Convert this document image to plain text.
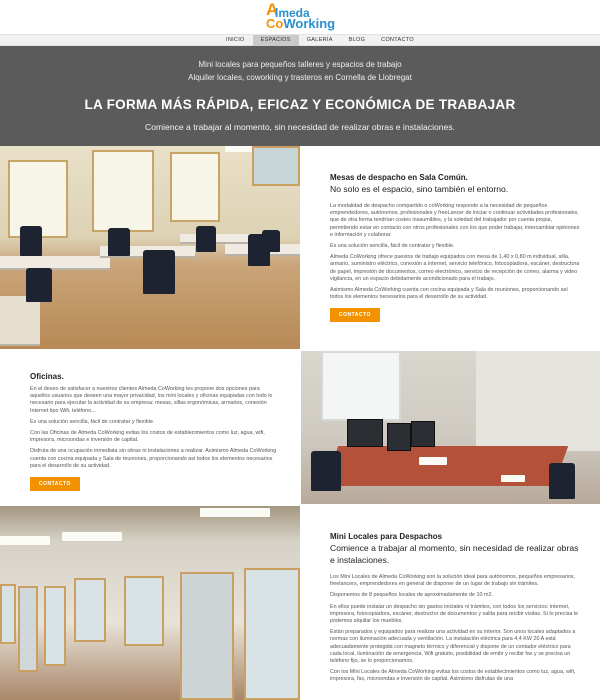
A
lmeda
CoWorking
INICIO	ESPACIOS	GALERÍA	BLOG	CONTACTO
Mini locales para pequeños talleres y espacios de trabajo
Alquiler locales, coworking y trasteros en Cornella de Llobregat
LA FORMA MÁS RÁPIDA, EFICAZ Y ECONÓMICA DE TRABAJAR
Comience a trabajar al momento, sin necesidad de realizar obras e instalaciones.
Mesas de despacho en Sala Común.
No solo es el espacio, sino también el entorno.

La modalidad de despacho compartido o coWorking responde a la necesidad de pequeños emprendedores, autónomos, profesionales y freeLancer de iniciar o continuar actividades profesionales, que de otra forma tendrían costes inasumibles, y la soledad del trabajador por cuenta propia, permitiendo estar en contacto con otros profesionales con los que poder trabajar, intercambiar opiniones e información y colaborar.

Es una solución sencilla, fácil de contratar y flexible.

Almeda CoWorking ofrece puestos de trabajo equipados con mesa de 1,40 x 0,80 m individual, silla, armario, suministro eléctrico, conexión a internet, servicio telefónico, fotocopiadora, escáner, destructora de papel, impresión de documentos, correo electrónico, servicio de recepción de correo, alarma y video vigilancia, en un espacio debidamente acondicionado para el trabajo.

Asimismo Almeda CoWorking cuenta con cocina equipada y Sala de reuniones, proporcionando así todos los elementos necesarios para el desarrollo de su actividad.

CONTACTO
Oficinas.

En el deseo de satisfacer a nuestros clientes Almeda CoWorking les propone dos opciones para aquellos usuarios que deseen una mayor privacidad, los mini locales y oficinas equipadas con todo lo necesario para ejecutar la actividad de su empresa: mesas, sillas ergonómicas, armarios, conexión Internet tipo Wifi, teléfono...

Es una solución sencilla, fácil de contratar y flexible.

Con las Oficinas de Almeda CoWorking evitas los costos de establecimientos como luz, agua, wifi, impresora, microondas e inversión de capital.

Disfruta de una ocupación inmediata sin obras ni instalaciones a realizar. Asimismo Almeda CoWorking cuenta con cocina equipada y Sala de reuniones, proporcionando así todos los elementos necesarios para el desarrollo de su actividad.

CONTACTO
Mini Locales para Despachos
Comience a trabajar al momento, sin necesidad de realizar obras e instalaciones.

Los Mini Locales de Almeda CoWorking son la solución ideal para autónomos, pequeños empresarios, freelancers, emprendedores en general de disponer de un lugar de trabajo sin trámites.

Disponemos de 8 pequeños locales de aproximadamente de 10 m2.

En ellos puede instalar un despacho sin gastos iniciales ni trámites, con todos los servicios: internet, impresora, fotocopiadora, escáner, destructor de documentos y salita para recibir visitas. Si lo precisa le podemos alquilar los muebles.

Están preparados y equipados para realizar una actividad en su interior. Son unos locales adaptados a normas con iluminación adecuada y ventilación. La instalación eléctrica para 4,4 KW 20 A está adecuadamente protegida con magneto térmico y diferencial y dispone de un contador eléctrico para cada local, iluminación de emergencia, Wifi gratuito, posibilidad de emitir y recibir fax y se precisa un teléfono fijo, se lo proporcionamos.

Con los Mini Locales de Almeda CoWorking evitas los costos de establecimientos como luz, agua, wifi, impresora, fax, microondas e inversión de capital. Asimismo disfrutas de una
